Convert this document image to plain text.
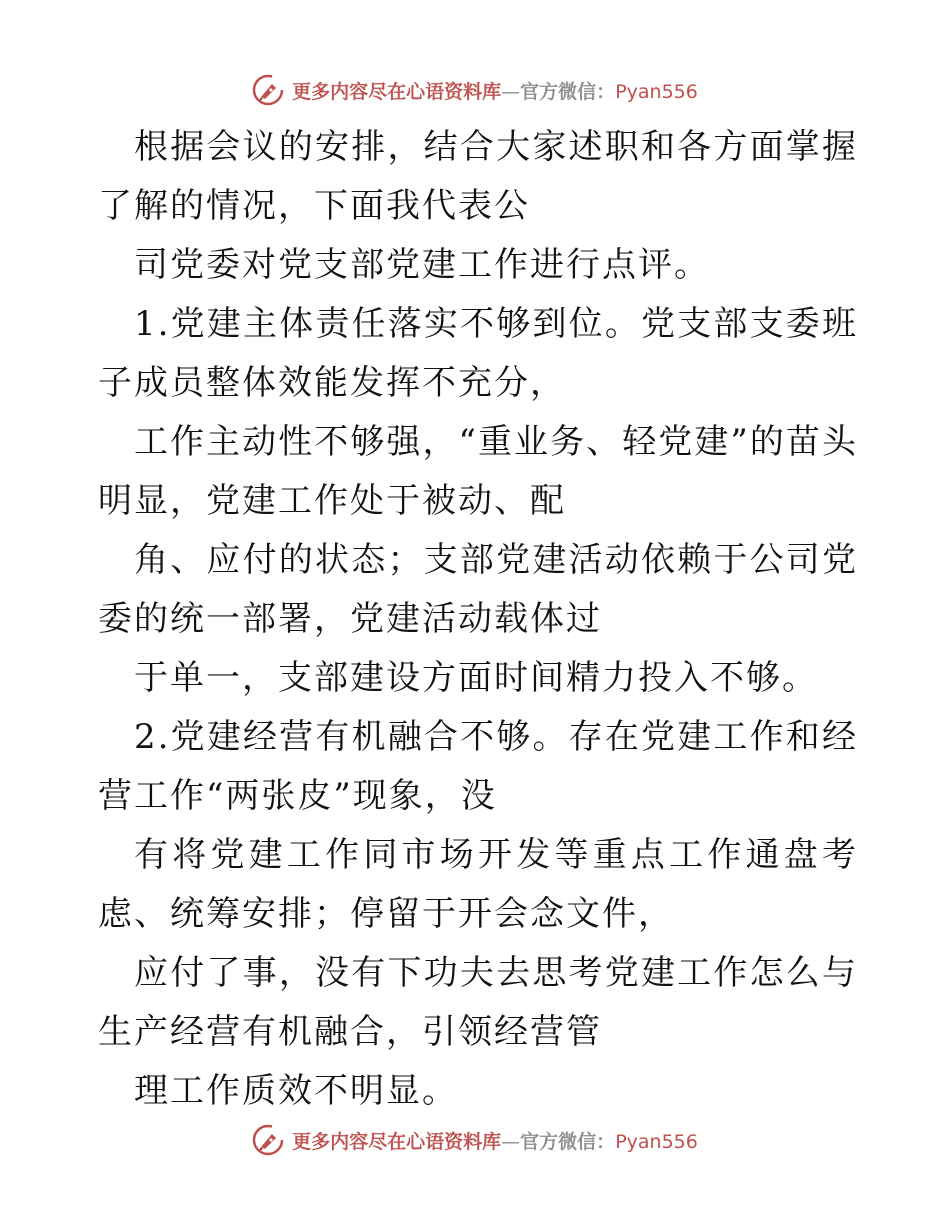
更多内容尽在心语资料库—官方微信：Pyan556

根据会议的安排，结合大家述职和各方面掌握了解的情况，下面我代表公

司党委对党支部党建工作进行点评。

1.党建主体责任落实不够到位。党支部支委班子成员整体效能发挥不充分，

工作主动性不够强，“重业务、轻党建”的苗头明显，党建工作处于被动、配

角、应付的状态；支部党建活动依赖于公司党委的统一部署，党建活动载体过

于单一，支部建设方面时间精力投入不够。

2.党建经营有机融合不够。存在党建工作和经营工作“两张皮”现象，没

有将党建工作同市场开发等重点工作通盘考虑、统筹安排；停留于开会念文件，

应付了事，没有下功夫去思考党建工作怎么与生产经营有机融合，引领经营管

理工作质效不明显。

更多内容尽在心语资料库—官方微信：Pyan556
